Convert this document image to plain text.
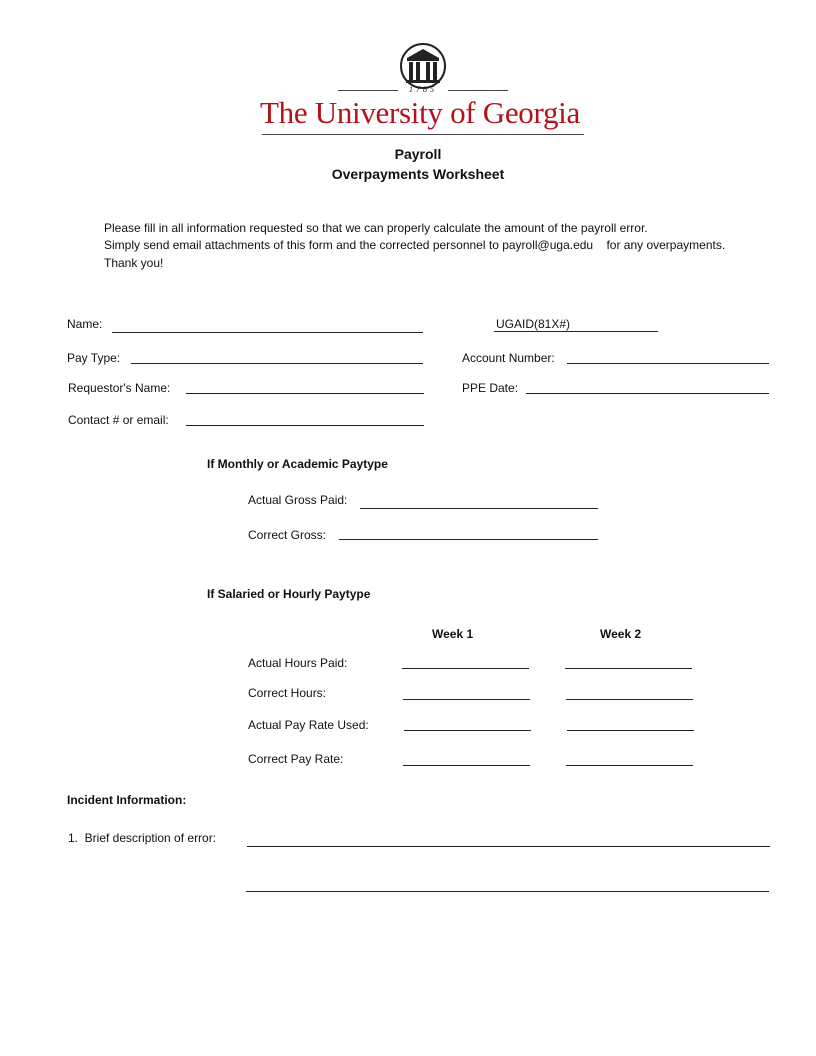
1785
The University of Georgia
Payroll
Overpayments Worksheet
Please fill in all information requested so that we can properly calculate the amount of the payroll error.
Simply send email attachments of this form and the corrected personnel to payroll@uga.edu    for any overpayments.
Thank you!
Name:	UGAID(81X#)
Pay Type:	Account Number:
Requestor's Name:	PPE Date:
Contact # or email:
If Monthly or Academic Paytype
Actual Gross Paid:
Correct Gross:
If Salaried or Hourly Paytype
Week 1	Week 2
Actual Hours Paid:
Correct Hours:
Actual Pay Rate Used:
Correct Pay Rate:
Incident Information:
1.  Brief description of error:
